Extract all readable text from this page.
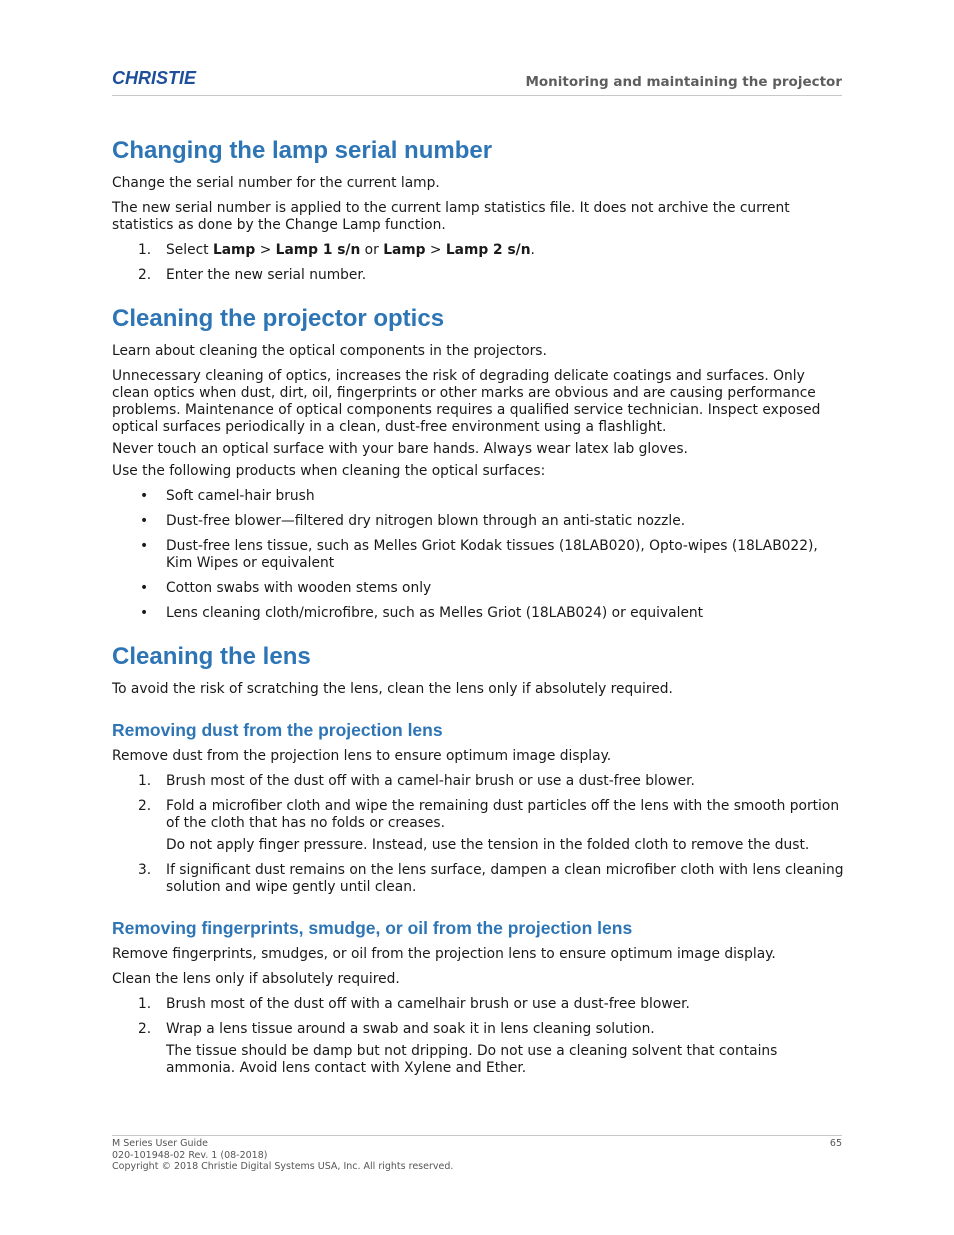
CHRISTIE	Monitoring and maintaining the projector
Changing the lamp serial number

Change the serial number for the current lamp.

The new serial number is applied to the current lamp statistics file. It does not archive the current statistics as done by the Change Lamp function.

1. Select Lamp > Lamp 1 s/n or Lamp > Lamp 2 s/n.
2. Enter the new serial number.
Cleaning the projector optics

Learn about cleaning the optical components in the projectors.

Unnecessary cleaning of optics, increases the risk of degrading delicate coatings and surfaces. Only clean optics when dust, dirt, oil, fingerprints or other marks are obvious and are causing performance problems. Maintenance of optical components requires a qualified service technician. Inspect exposed optical surfaces periodically in a clean, dust-free environment using a flashlight.

Never touch an optical surface with your bare hands. Always wear latex lab gloves.

Use the following products when cleaning the optical surfaces:

• Soft camel-hair brush
• Dust-free blower—filtered dry nitrogen blown through an anti-static nozzle.
• Dust-free lens tissue, such as Melles Griot Kodak tissues (18LAB020), Opto-wipes (18LAB022), Kim Wipes or equivalent
• Cotton swabs with wooden stems only
• Lens cleaning cloth/microfibre, such as Melles Griot (18LAB024) or equivalent
Cleaning the lens

To avoid the risk of scratching the lens, clean the lens only if absolutely required.

Removing dust from the projection lens

Remove dust from the projection lens to ensure optimum image display.

1. Brush most of the dust off with a camel-hair brush or use a dust-free blower.
2. Fold a microfiber cloth and wipe the remaining dust particles off the lens with the smooth portion of the cloth that has no folds or creases.

Do not apply finger pressure. Instead, use the tension in the folded cloth to remove the dust.

3. If significant dust remains on the lens surface, dampen a clean microfiber cloth with lens cleaning solution and wipe gently until clean.
Removing fingerprints, smudge, or oil from the projection lens

Remove fingerprints, smudges, or oil from the projection lens to ensure optimum image display.

Clean the lens only if absolutely required.

1. Brush most of the dust off with a camelhair brush or use a dust-free blower.
2. Wrap a lens tissue around a swab and soak it in lens cleaning solution.

The tissue should be damp but not dripping. Do not use a cleaning solvent that contains ammonia. Avoid lens contact with Xylene and Ether.

M Series User Guide
020-101948-02 Rev. 1 (08-2018)
Copyright © 2018 Christie Digital Systems USA, Inc. All rights reserved.
65
